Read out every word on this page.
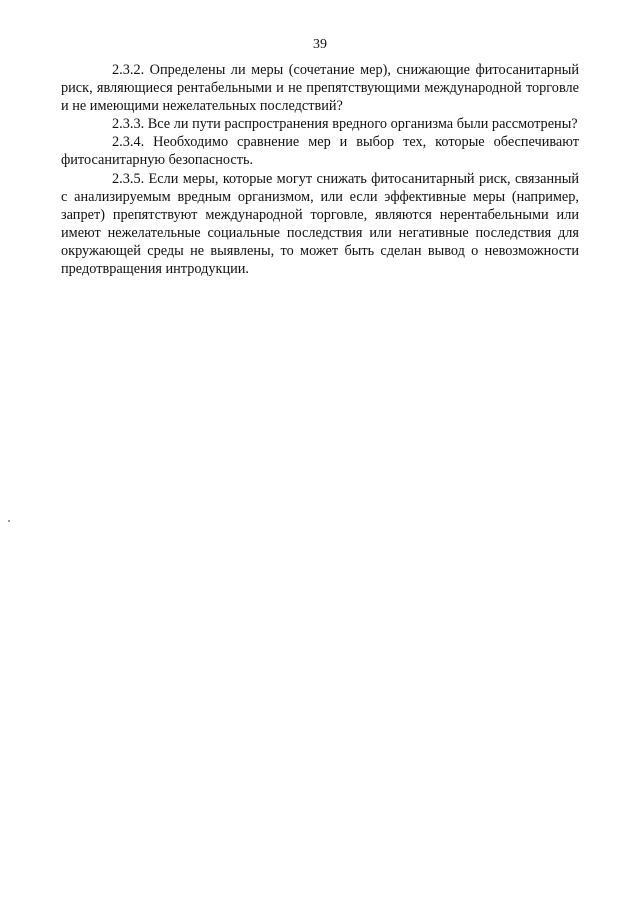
39

2.3.2. Определены ли меры (сочетание мер), снижающие фитосанитарный риск, являющиеся рентабельными и не препятствующими международной торговле и не имеющими нежелательных последствий?

2.3.3. Все ли пути распространения вредного организма были рассмотрены?

2.3.4. Необходимо сравнение мер и выбор тех, которые обеспечивают фитосанитарную безопасность.

2.3.5. Если меры, которые могут снижать фитосанитарный риск, связанный с анализируемым вредным организмом, или если эффективные меры (например, запрет) препятствуют международной торговле, являются нерентабельными или имеют нежелательные социальные последствия или негативные последствия для окружающей среды не выявлены, то может быть сделан вывод о невозможности предотвращения интродукции.
